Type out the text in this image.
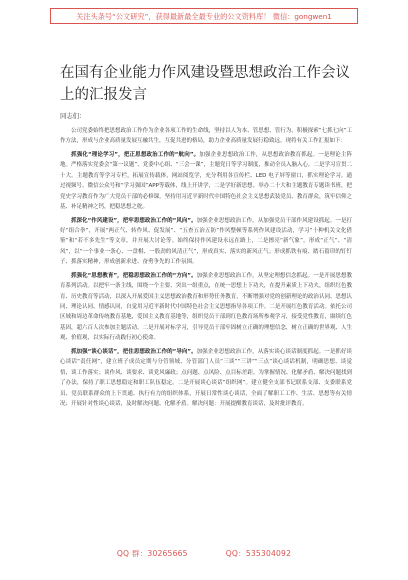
关注头条号“公文研究”，获得最新最全最专业的公文资料库！ 微信：gongwen1
在国有企业能力作风建设暨思想政治工作会议上的汇报发言
同志们：

公司党委始终把思想政治工作作为企业各项工作的生命线，坚持以人为本、管思想、管行为，积极探索“七抓七向”工作方法，形成与企业高质量发展互融共生，互促共进的格局，助力企业高质量发展行稳致远。现将有关工作汇报如下：

抓强化“理论学习”，把正思想政治工作的“航向”。加强企业思想政治工作，从思想政治教育抓起。一是理论主阵地。严格落实党委会“第一议题”、党委中心组、“三会一课”，主题党日等学习制度，推动全员入脑入心。二是学习宣贯二十大。主题教育等学习专栏，拓展宣传载体，网站阅览学，充分利用各宣传栏、LED 电子屏等窗口，抓实理论学习。通过视频号、微信公众号和“学习强国”APP等载体，线上开讲学，二是学好新思想。举办二十大和主题教育专题读书班，把党史学习教育作为广大党员干部的必修课，坚持用习近平新时代中国特色社会主义思想武装党员、教育群众，筑牢信仰之基、补足精神之钙，把稳思想之舵。

抓深化“作风建设”，把牢思想政治工作的“风向”。加强企业思想政治工作，从加强党员干部作风建设抓起。一是打好“组合拳”，开展“两正气、转作风、促发展”、“五查五治五防”作风整顿等系列作风建设活动，学习“十种机关文化借鉴”和“若不多先生”等文章，并开展大讨论等。始终保持作风建设永远在路上，二是擦亮“新气象”，形成“正气”、“清风”，以“一个事业一条心、一盘棋、一股劲的风清正气”，形成真实、落实的新风正气；形成抓铁有痕、踏石留印的钉钉子、抓落实精神，形成创新求进、奋勇争先的工作氛围。

抓强化“思想教育”，把稳思想政治工作的“方向”。加强企业思想政治工作，从坚定理想信念抓起。一是开展思想教育系列活动。以把牢一条主线，围绕一个主要、突出一组重点，在统一思想上下功夫，在提升素质上下功夫，组织红色教育、历史教育等活动，以深入开展爱国主义思想政治教育和形势任务教育，不断增强对党的创新理论的政治认同、思想认同、理论认同、情感认同，自觉用习近平新时代中国特色社会主义思想指导各项工作。二是开展红色教育活动。依托公司区域和周边革命传统教育基地，爱国主义教育基地等，组织党员干部到红色教育场所参观学习，接受党性教育，赓续红色基因，超六百人次参加主题活动。二是开展对标学习，引导党员干部牢固树立正确的理想信念，树立正确的世界观、人生观、价值观，以实际行动践行初心使命。

抓加强“谈心谈话”，把住思想政治工作的“导向”。加强企业思想政治工作，从落实谈心谈话制度抓起。一是抓好谈心谈话“责任网”，建立班子成员定期与分管领域、分管部门人员“三谈”“三讲”“三点”谈心谈话机制，明确思想、谈觉悟、谈工作落实；谈作风、谈要求、谈党风廉政；点问题、点风险、点目标差距。为掌握情况、化解矛盾、解决问题找到了办法，保持了职工思想稳定和职工队伍稳定。二是开展谈心谈话“组织网”。建立健全支部书记联系支部、支委联系党员、党员联系群众的上下贯通、执行有力的组织体系，开展日常性谈心谈话，全面了解职工工作、生活、思想等有关情况；开展针对性谈心谈话，及时解决问题、化解矛盾。解决问题：开展提醒教育谈话，及时批评教育。

QQ 群：30265665	QQ：535304092
